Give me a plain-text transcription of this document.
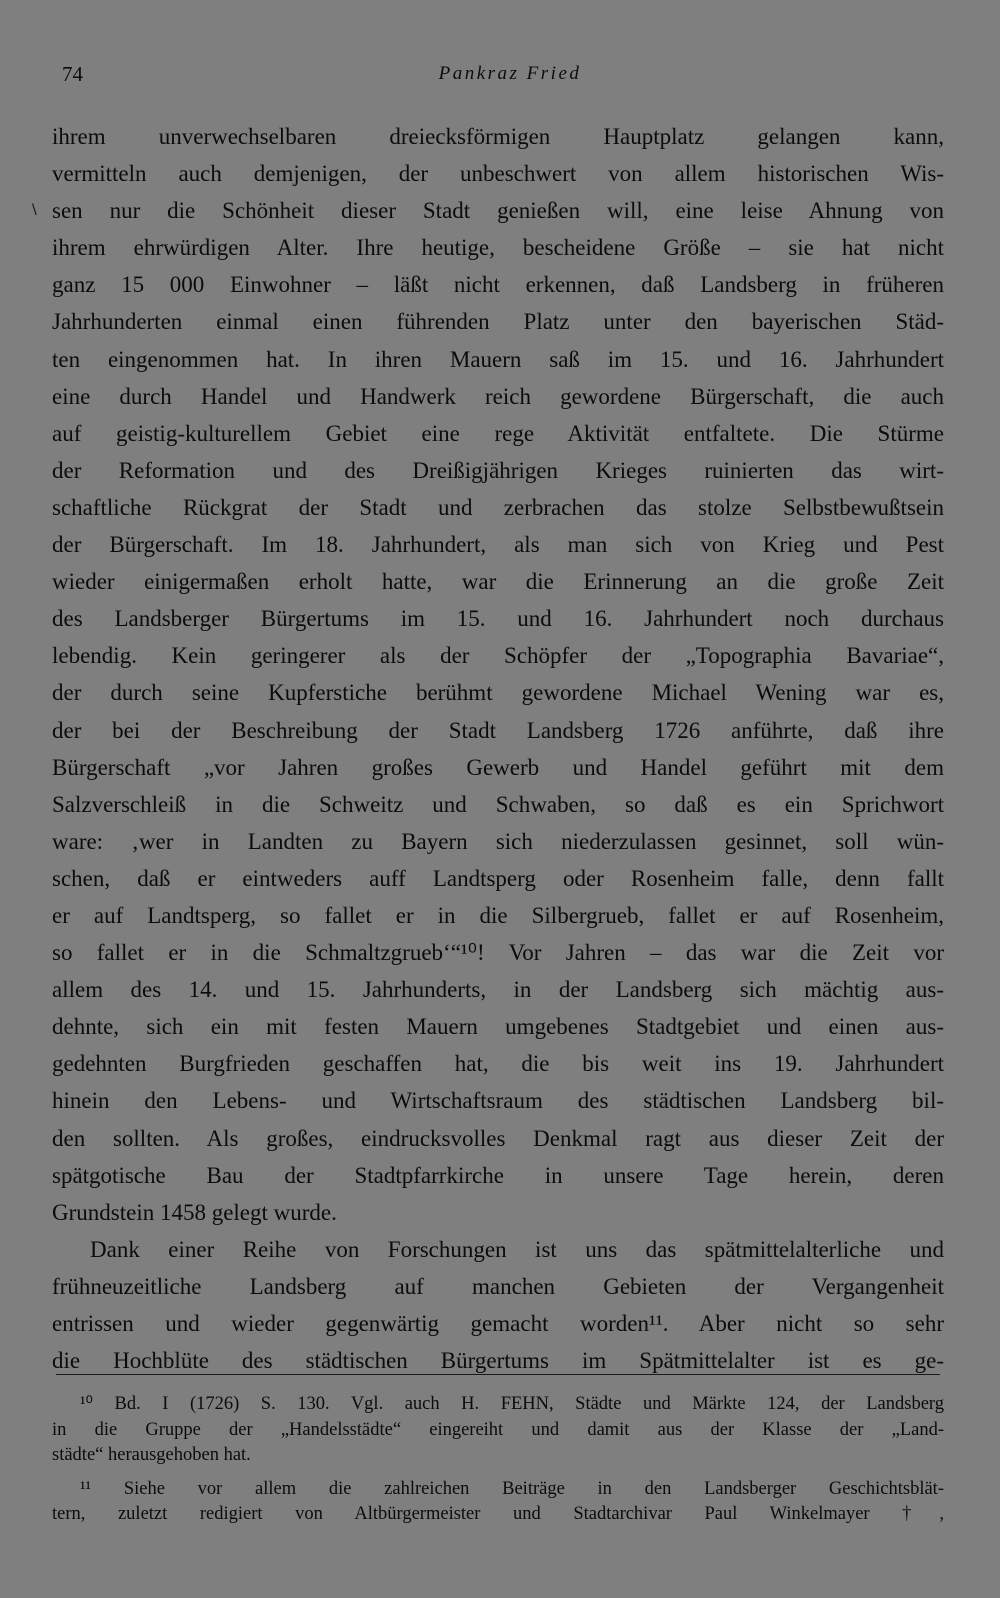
74	Pankraz Fried
\
ihrem unverwechselbaren dreiecksförmigen Hauptplatz gelangen kann,
vermitteln auch demjenigen, der unbeschwert von allem historischen Wis-
sen nur die Schönheit dieser Stadt genießen will, eine leise Ahnung von
ihrem ehrwürdigen Alter. Ihre heutige, bescheidene Größe – sie hat nicht
ganz 15 000 Einwohner – läßt nicht erkennen, daß Landsberg in früheren
Jahrhunderten einmal einen führenden Platz unter den bayerischen Städ-
ten eingenommen hat. In ihren Mauern saß im 15. und 16. Jahrhundert
eine durch Handel und Handwerk reich gewordene Bürgerschaft, die auch
auf geistig-kulturellem Gebiet eine rege Aktivität entfaltete. Die Stürme
der Reformation und des Dreißigjährigen Krieges ruinierten das wirt-
schaftliche Rückgrat der Stadt und zerbrachen das stolze Selbstbewußtsein
der Bürgerschaft. Im 18. Jahrhundert, als man sich von Krieg und Pest
wieder einigermaßen erholt hatte, war die Erinnerung an die große Zeit
des Landsberger Bürgertums im 15. und 16. Jahrhundert noch durchaus
lebendig. Kein geringerer als der Schöpfer der „Topographia Bavariae“,
der durch seine Kupferstiche berühmt gewordene Michael Wening war es,
der bei der Beschreibung der Stadt Landsberg 1726 anführte, daß ihre
Bürgerschaft „vor Jahren großes Gewerb und Handel geführt mit dem
Salzverschleiß in die Schweitz und Schwaben, so daß es ein Sprichwort
ware: ‚wer in Landten zu Bayern sich niederzulassen gesinnet, soll wün-
schen, daß er eintweders auff Landtsperg oder Rosenheim falle, denn fallt
er auf Landtsperg, so fallet er in die Silbergrueb, fallet er auf Rosenheim,
so fallet er in die Schmaltzgrueb‘“¹⁰! Vor Jahren – das war die Zeit vor
allem des 14. und 15. Jahrhunderts, in der Landsberg sich mächtig aus-
dehnte, sich ein mit festen Mauern umgebenes Stadtgebiet und einen aus-
gedehnten Burgfrieden geschaffen hat, die bis weit ins 19. Jahrhundert
hinein den Lebens- und Wirtschaftsraum des städtischen Landsberg bil-
den sollten. Als großes, eindrucksvolles Denkmal ragt aus dieser Zeit der
spätgotische Bau der Stadtpfarrkirche in unsere Tage herein, deren
Grundstein 1458 gelegt wurde.
Dank einer Reihe von Forschungen ist uns das spätmittelalterliche und
frühneuzeitliche Landsberg auf manchen Gebieten der Vergangenheit
entrissen und wieder gegenwärtig gemacht worden¹¹. Aber nicht so sehr
die Hochblüte des städtischen Bürgertums im Spätmittelalter ist es ge-
¹⁰ Bd. I (1726) S. 130. Vgl. auch H. FEHN, Städte und Märkte 124, der Landsberg
in die Gruppe der „Handelsstädte“ eingereiht und damit aus der Klasse der „Land-
städte“ herausgehoben hat.
¹¹ Siehe vor allem die zahlreichen Beiträge in den Landsberger Geschichtsblät-
tern, zuletzt redigiert von Altbürgermeister und Stadtarchivar Paul Winkelmayer †,
